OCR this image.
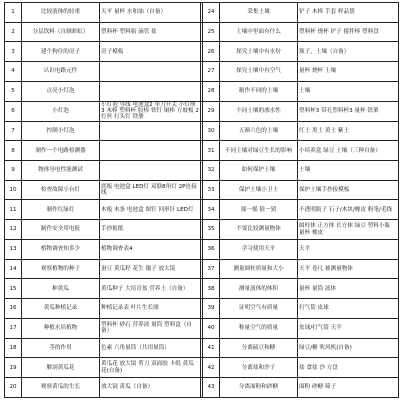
1	比较液体的轻重	天平 量杯 水和油（自备）		24	采集土壤	铲子 木棒 手套 样品袋
2	分层饮料（自制彩虹）	塑料杯 塑料瓶 滴管 盐		25	土壤中里面有什么	塑料杯 烧杯 铲子 搅拌棒 塑料盘
3	建个狗住的房子	房子模板		26	探究土壤中有水份	瓶子，土壤（自备）
4	认识电路元件			27	探究土壤中有空气	量杯 烧杯 土壤
5	点亮小灯泡			28	制作不同的土壤	土壤
6	小灯泡	小灯泡 导线 电池盒2 单刀开关 小灯座3 木棒 塑料杯 胶棒 铁钉 铜棒 方坡板 2 灯丝 打头钉 铁册		29	不同土壤的渗水性	塑料杯3 带孔塑料杯3 量杯 铁架
7	控制小灯泡			30	五颜六色的土壤	红土 黑土 黄土 紫土
8	制作一个电路检测器			31	不同土壤对绿豆生长的影响	小培养盒 绿豆 土壤（三种自备）
9	物体导电性能测试			32	如何保护土壤	土壤
10	检查故障小台灯	底板 电池盒 LED灯 双联8角灯 2P连接线		33	保护土壤小卫士	保护土壤手抄报模板
11	制作红绿灯	木板 木条 电池盒 图钉 回形针 LED灯		34	摇一摇 猜一猜	不透明瓶子 石子/木块/橡皮 粉笔/毛线
12	制作安全用电报	手抄报纸		35	不要比较测量物体	圆柱体 正方体 长方体 绿豆 塑料小瓶 量杯 橡皮
13	植物调查知多少	植物调查表4		36	学习使用天平	天平
14	观察植物的种子	蚕豆 黄瓜籽 花生 镊子 放大镜		37	测量圆柱质量和大小	天平 卷尺 被测量物体
15	种黄瓜	黄瓜种子 大培育盆 营养土（自备）		38	测量液体的体积	量杯 量筒 液体
16	黄瓜种植记录	种植记录表 叶片生长图		39	证明空气有质量	打气筒 皮球
17	种植水培植物	塑料杯 砂石 营养液 量筒 塑料盒（自备）		40	称量空气的质量	皮球/打气筒 天平
18	茎的作用	色素 六角量筒（共用量筒）		41	分离硫豆和糖	绿豆/糖 吹风机(自备)
19	解剖黄瓜花	黄瓜花 放大镜 剪刀 双面胶 卡纸 黄瓜花(自备)		42	分离盐和沙子	盐 食盐 沙 方盘
20	观察黄瓜的生长	放大镜 黄瓜（自备）		43	分离面粉和砂糖	面粉 砂糖 筛子
